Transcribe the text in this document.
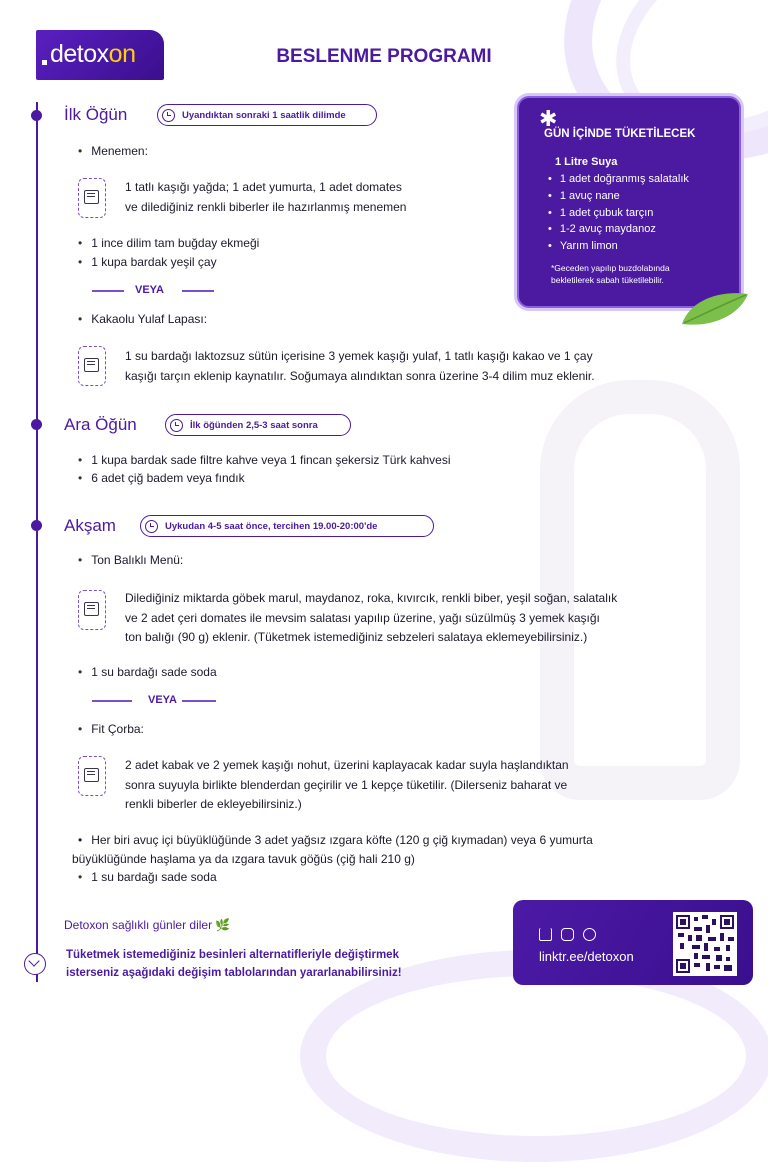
detoxon	BESLENME PROGRAMI
İlk Öğün	Uyandıktan sonraki 1 saatlik dilimde
• Menemen:
1 tatlı kaşığı yağda; 1 adet yumurta, 1 adet domates
ve dilediğiniz renkli biberler ile hazırlanmış menemen
• 1 ince dilim tam buğday ekmeği
• 1 kupa bardak yeşil çay
VEYA
• Kakaolu Yulaf Lapası:
1 su bardağı laktozsuz sütün içerisine 3 yemek kaşığı yulaf, 1 tatlı kaşığı kakao ve 1 çay
kaşığı tarçın eklenip kaynatılır. Soğumaya alındıktan sonra üzerine 3-4 dilim muz eklenir.
Ara Öğün	İlk öğünden 2,5-3 saat sonra
• 1 kupa bardak sade filtre kahve veya 1 fincan şekersiz Türk kahvesi
• 6 adet çiğ badem veya fındık
Akşam	Uykudan 4-5 saat önce, tercihen 19.00-20:00'de
• Ton Balıklı Menü:
Dilediğiniz miktarda göbek marul, maydanoz, roka, kıvırcık, renkli biber, yeşil soğan, salatalık
ve 2 adet çeri domates ile mevsim salatası yapılıp üzerine, yağı süzülmüş 3 yemek kaşığı
ton balığı (90 g) eklenir. (Tüketmek istemediğiniz sebzeleri salataya eklemeyebilirsiniz.)
• 1 su bardağı sade soda
VEYA
• Fit Çorba:
2 adet kabak ve 2 yemek kaşığı nohut, üzerini kaplayacak kadar suyla haşlandıktan
sonra suyuyla birlikte blenderdan geçirilir ve 1 kepçe tüketilir. (Dilerseniz baharat ve
renkli biberler de ekleyebilirsiniz.)
• Her biri avuç içi büyüklüğünde 3 adet yağsız ızgara köfte (120 g çiğ kıymadan) veya 6 yumurta
büyüklüğünde haşlama ya da ızgara tavuk göğüs (çiğ hali 210 g)
• 1 su bardağı sade soda
✱
GÜN İÇİNDE TÜKETİLECEK
1 Litre Suya
• 1 adet doğranmış salatalık
• 1 avuç nane
• 1 adet çubuk tarçın
• 1-2 avuç maydanoz
• Yarım limon
*Geceden yapılıp buzdolabında
bekletilerek sabah tüketilebilir.
Detoxon sağlıklı günler diler 🌿
Tüketmek istemediğiniz besinleri alternatifleriyle değiştirmek
isterseniz aşağıdaki değişim tablolarından yararlanabilirsiniz!
linktr.ee/detoxon
